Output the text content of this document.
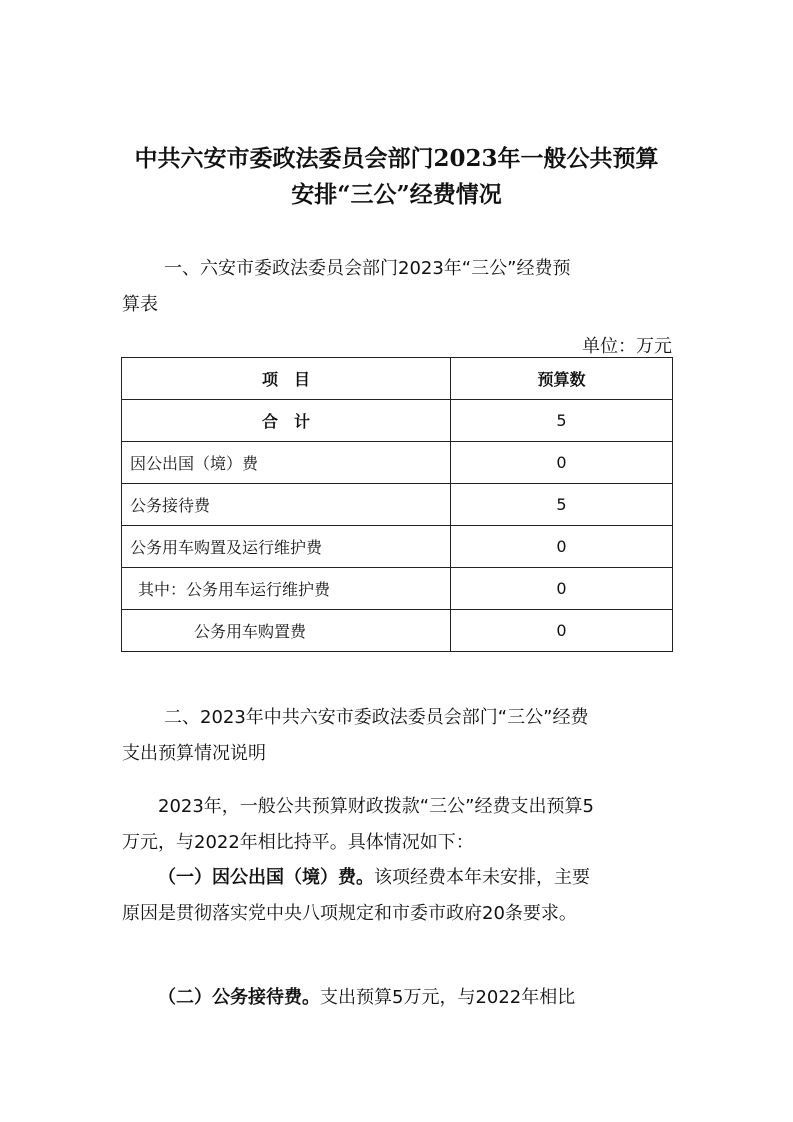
中共六安市委政法委员会部门2023年一般公共预算
安排“三公”经费情况
一、六安市委政法委员会部门2023年“三公”经费预
算表
单位：万元
项　目	预算数
合　计	5
因公出国（境）费	0
公务接待费	5
公务用车购置及运行维护费	0
其中：公务用车运行维护费	0
公务用车购置费	0
二、2023年中共六安市委政法委员会部门“三公”经费
支出预算情况说明
2023年，一般公共预算财政拨款“三公”经费支出预算5
万元，与2022年相比持平。具体情况如下：
（一）因公出国（境）费。该项经费本年未安排，主要
原因是贯彻落实党中央八项规定和市委市政府20条要求。
（二）公务接待费。支出预算5万元，与2022年相比
